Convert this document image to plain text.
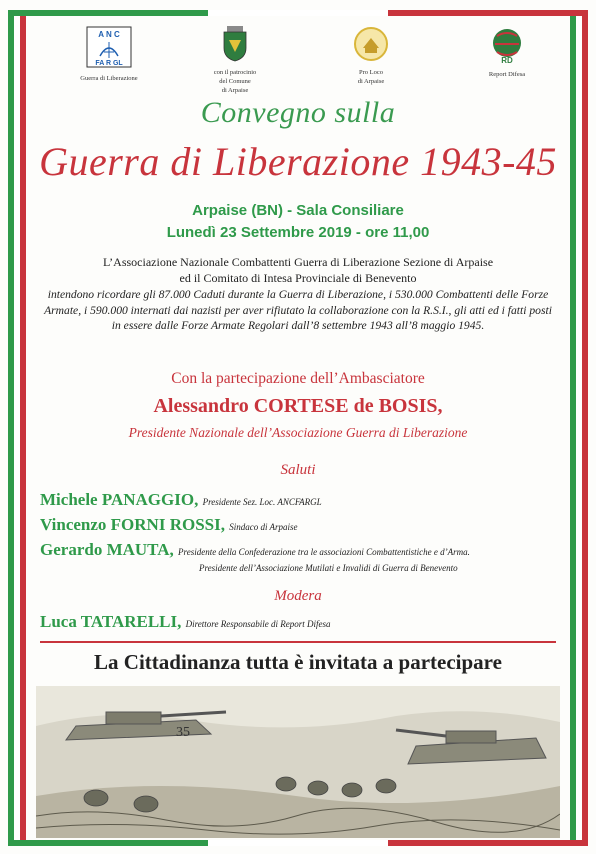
A N C
FA R GL
Guerra di Liberazione
con il patrocinio
del Comune
di Arpaise
Pro Loco
di Arpaise
RD
Report Difesa
Convegno sulla
Guerra di Liberazione 1943-45
Arpaise (BN) - Sala Consiliare
Lunedì 23 Settembre 2019 - ore 11,00
L’Associazione Nazionale Combattenti Guerra di Liberazione Sezione di Arpaise
ed il Comitato di Intesa Provinciale di Benevento
intendono ricordare gli 87.000 Caduti durante la Guerra di Liberazione, i 530.000 Combattenti delle Forze Armate, i 590.000 internati dai nazisti per aver rifiutato la collaborazione con la R.S.I., gli atti ed i fatti posti in essere dalle Forze Armate Regolari dall’8 settembre 1943 all’8 maggio 1945.
Con la partecipazione dell’Ambasciatore
Alessandro CORTESE de BOSIS,
Presidente Nazionale dell’Associazione Guerra di Liberazione
Saluti
Michele PANAGGIO, Presidente Sez. Loc. ANCFARGL
Vincenzo FORNI ROSSI, Sindaco di Arpaise
Gerardo MAUTA, Presidente della Confederazione tra le associazioni Combattentistiche e d’Arma.
Presidente dell’Associazione Mutilati e Invalidi di Guerra di Benevento
Modera
Luca TATARELLI, Direttore Responsabile di Report Difesa
La Cittadinanza tutta è invitata a partecipare
35
